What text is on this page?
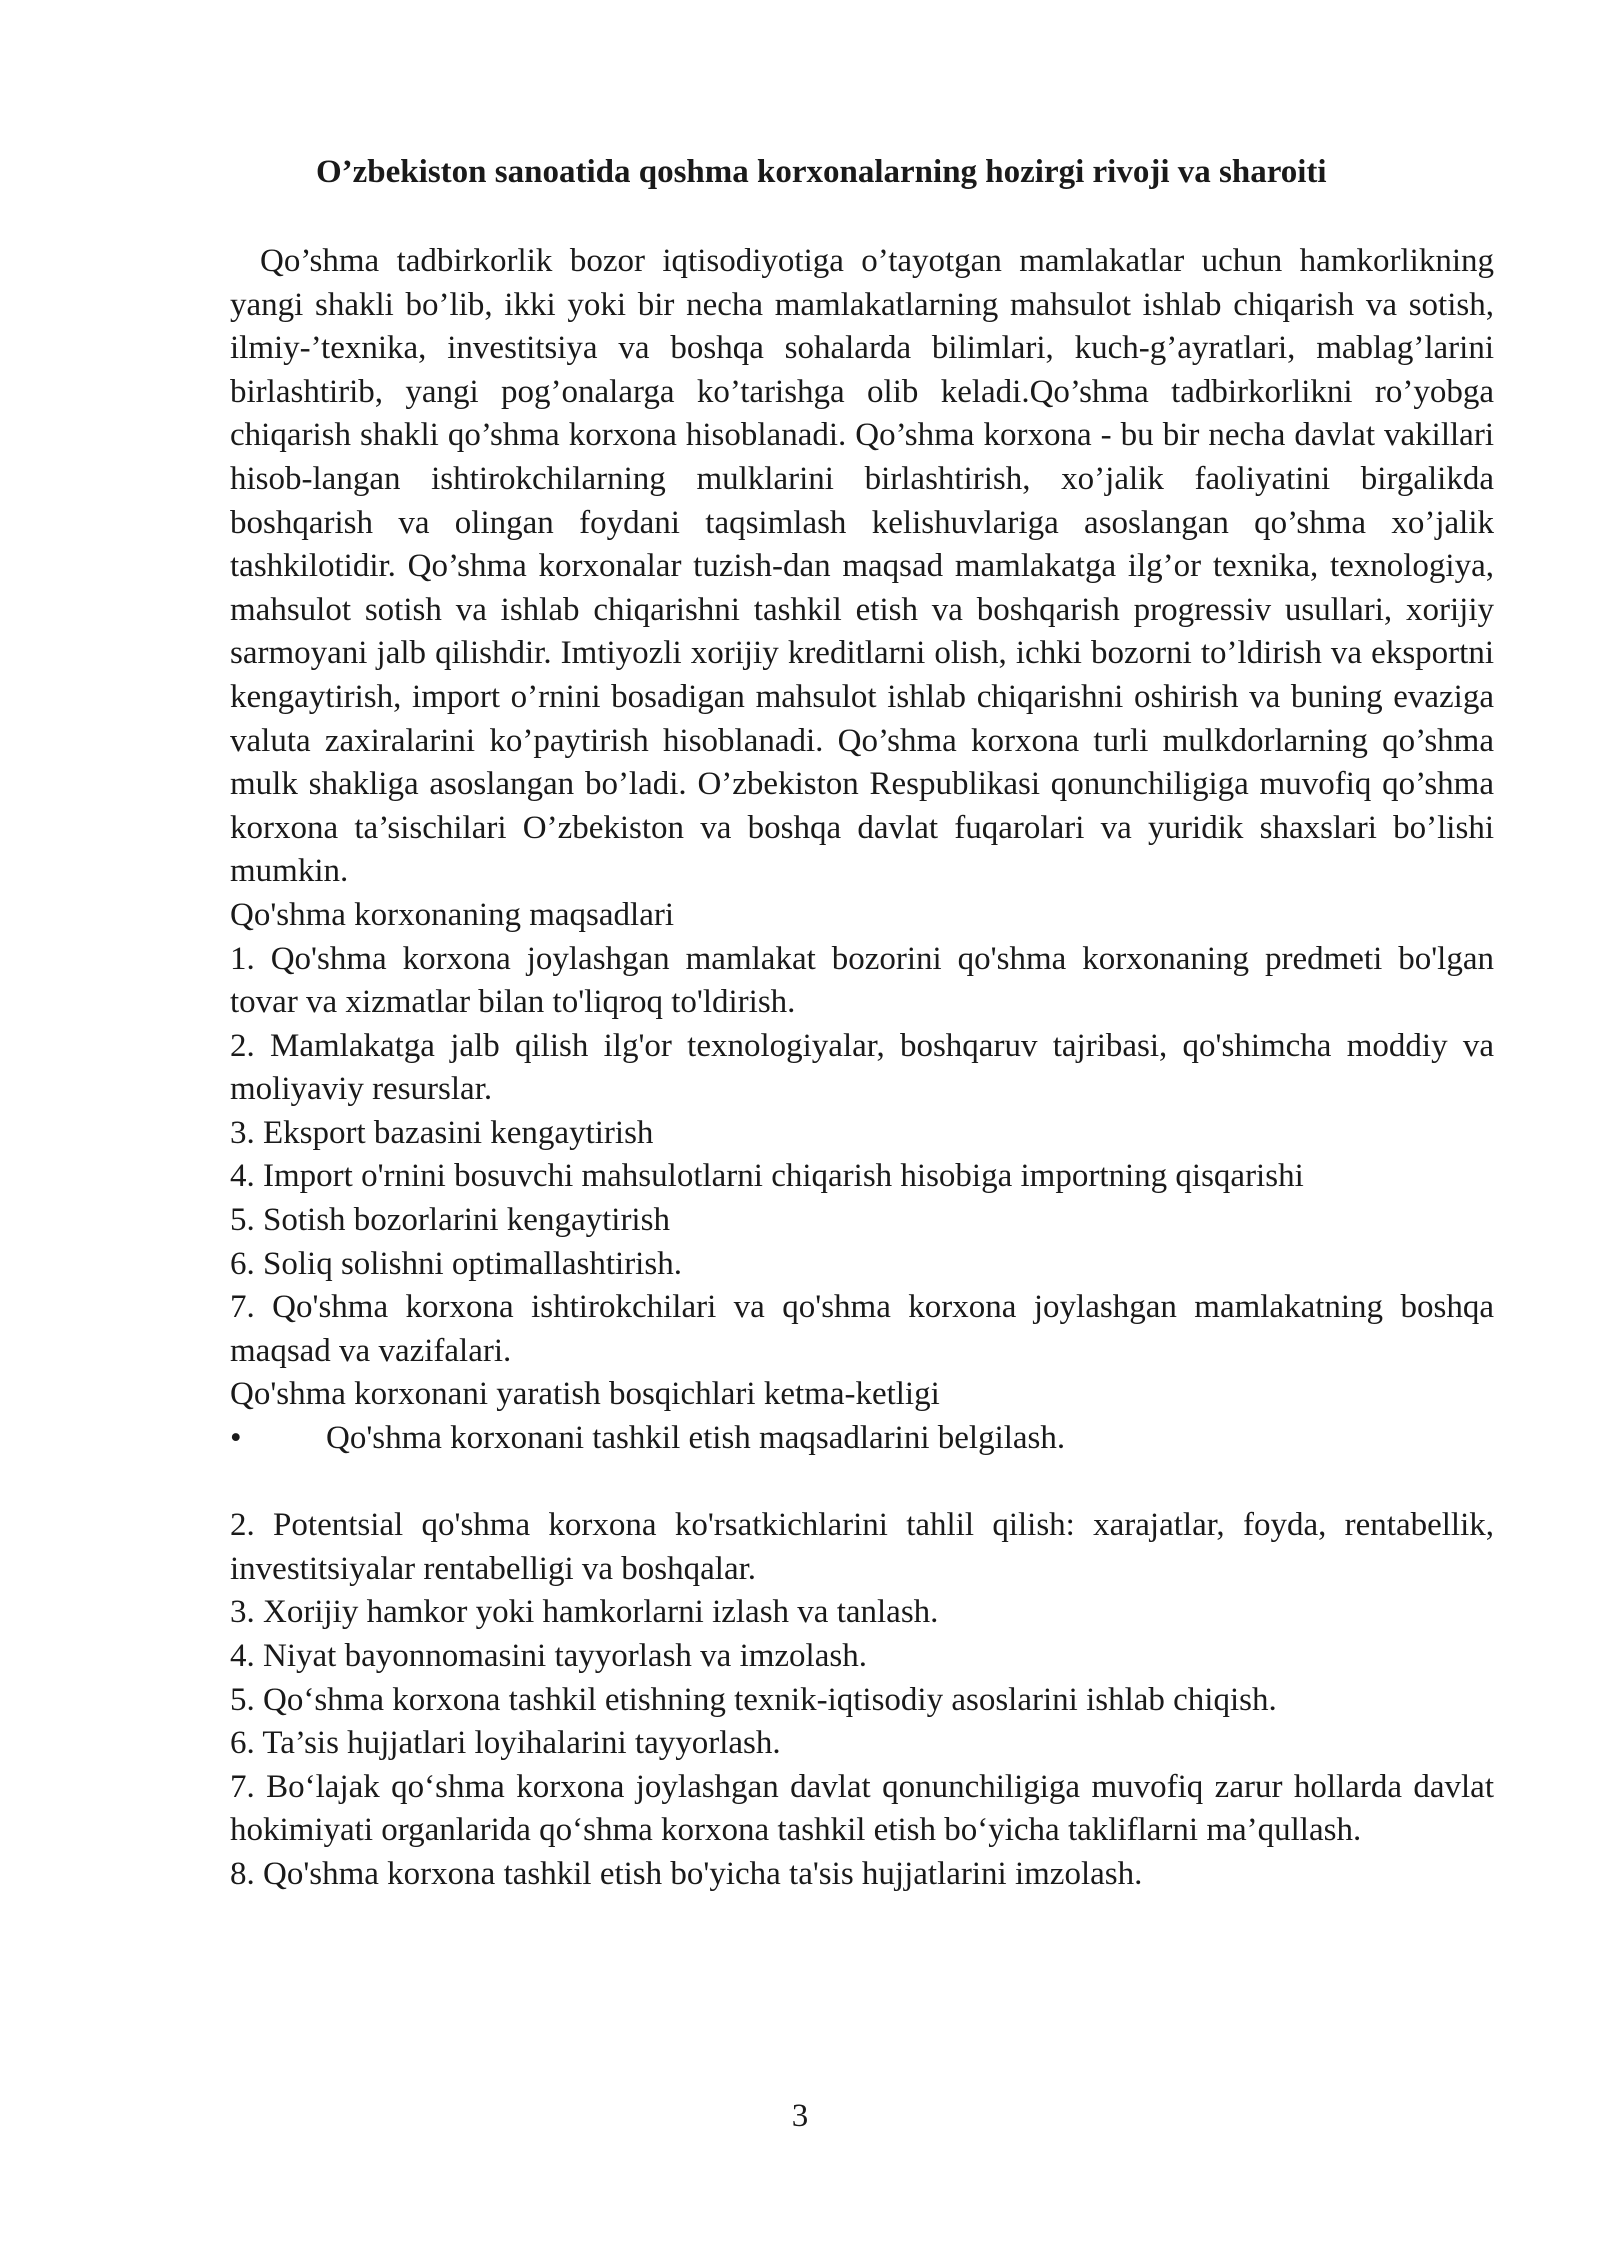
O’zbekiston sanoatida qoshma korxonalarning hozirgi rivoji va sharoiti

Qo’shma tadbirkorlik bozor iqtisodiyotiga o’tayotgan mamlakatlar uchun hamkorlikning yangi shakli bo’lib, ikki yoki bir necha mamlakatlarning mahsulot ishlab chiqarish va sotish, ilmiy-’texnika, investitsiya va boshqa sohalarda bilimlari, kuch-g’ayratlari, mablag’larini birlashtirib, yangi pog’onalarga ko’tarishga olib keladi.Qo’shma tadbirkorlikni ro’yobga chiqarish shakli qo’shma korxona hisoblanadi. Qo’shma korxona - bu bir necha davlat vakillari hisob-langan ishtirokchilarning mulklarini birlashtirish, xo’jalik faoliyatini birgalikda boshqarish va olingan foydani taqsimlash kelishuvlariga asoslangan qo’shma xo’jalik tashkilotidir. Qo’shma korxonalar tuzish-dan maqsad mamlakatga ilg’or texnika, texnologiya, mahsulot sotish va ishlab chiqarishni tashkil etish va boshqarish progressiv usullari, xorijiy sarmoyani jalb qilishdir. Imtiyozli xorijiy kreditlarni olish, ichki bozorni to’ldirish va eksportni kengaytirish, import o’rnini bosadigan mahsulot ishlab chiqarishni oshirish va buning evaziga valuta zaxiralarini ko’paytirish hisoblanadi. Qo’shma korxona turli mulkdorlarning qo’shma mulk shakliga asoslangan bo’ladi. O’zbekiston Respublikasi qonunchiligiga muvofiq qo’shma korxona ta’sischilari O’zbekiston va boshqa davlat fuqarolari va yuridik shaxslari bo’lishi mumkin.

Qo'shma korxonaning maqsadlari

1. Qo'shma korxona joylashgan mamlakat bozorini qo'shma korxonaning predmeti bo'lgan tovar va xizmatlar bilan to'liqroq to'ldirish.

2. Mamlakatga jalb qilish ilg'or texnologiyalar, boshqaruv tajribasi, qo'shimcha moddiy va moliyaviy resurslar.

3. Eksport bazasini kengaytirish

4. Import o'rnini bosuvchi mahsulotlarni chiqarish hisobiga importning qisqarishi

5. Sotish bozorlarini kengaytirish

6. Soliq solishni optimallashtirish.

7. Qo'shma korxona ishtirokchilari va qo'shma korxona joylashgan mamlakatning boshqa maqsad va vazifalari.

Qo'shma korxonani yaratish bosqichlari ketma-ketligi

•	Qo'shma korxonani tashkil etish maqsadlarini belgilash.

2. Potentsial qo'shma korxona ko'rsatkichlarini tahlil qilish: xarajatlar, foyda, rentabellik, investitsiyalar rentabelligi va boshqalar.

3. Xorijiy hamkor yoki hamkorlarni izlash va tanlash.

4. Niyat bayonnomasini tayyorlash va imzolash.

5. Qo‘shma korxona tashkil etishning texnik-iqtisodiy asoslarini ishlab chiqish.

6. Ta’sis hujjatlari loyihalarini tayyorlash.

7. Bo‘lajak qo‘shma korxona joylashgan davlat qonunchiligiga muvofiq zarur hollarda davlat hokimiyati organlarida qo‘shma korxona tashkil etish bo‘yicha takliflarni ma’qullash.

8. Qo'shma korxona tashkil etish bo'yicha ta'sis hujjatlarini imzolash.

3
